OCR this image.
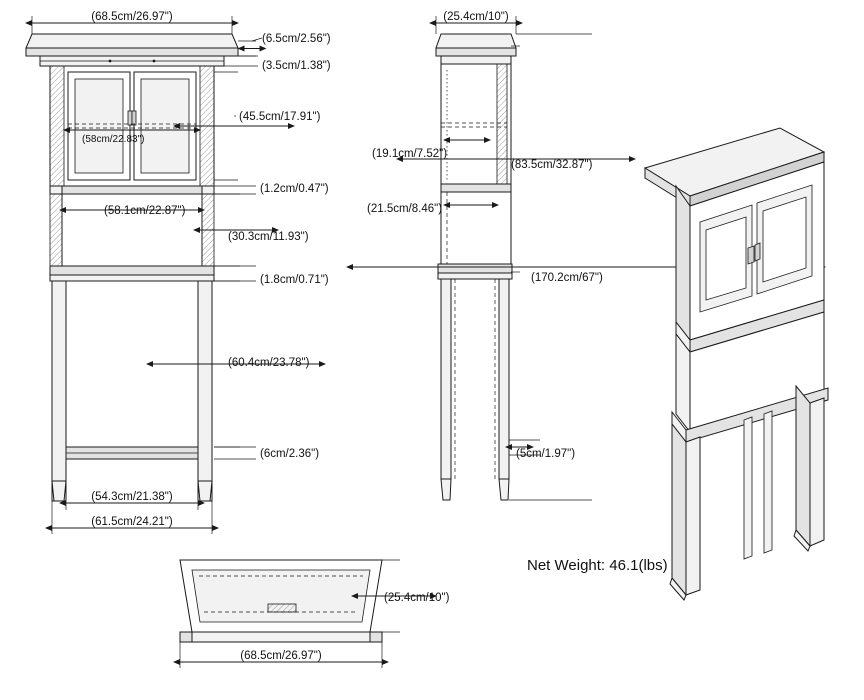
(68.5cm/26.97")
(6.5cm/2.56")
(3.5cm/1.38")
(45.5cm/17.91")
(58cm/22.83")
(1.2cm/0.47")
(58.1cm/22.87")
(30.3cm/11.93")
(1.8cm/0.71")
(60.4cm/23.78")
(6cm/2.36")
(54.3cm/21.38")
(61.5cm/24.21")
(25.4cm/10")
(19.1cm/7.52")
(83.5cm/32.87")
(21.5cm/8.46")
(170.2cm/67")
(5cm/1.97")
(25.4cm/10")
(68.5cm/26.97")
Net Weight: 46.1(lbs)
